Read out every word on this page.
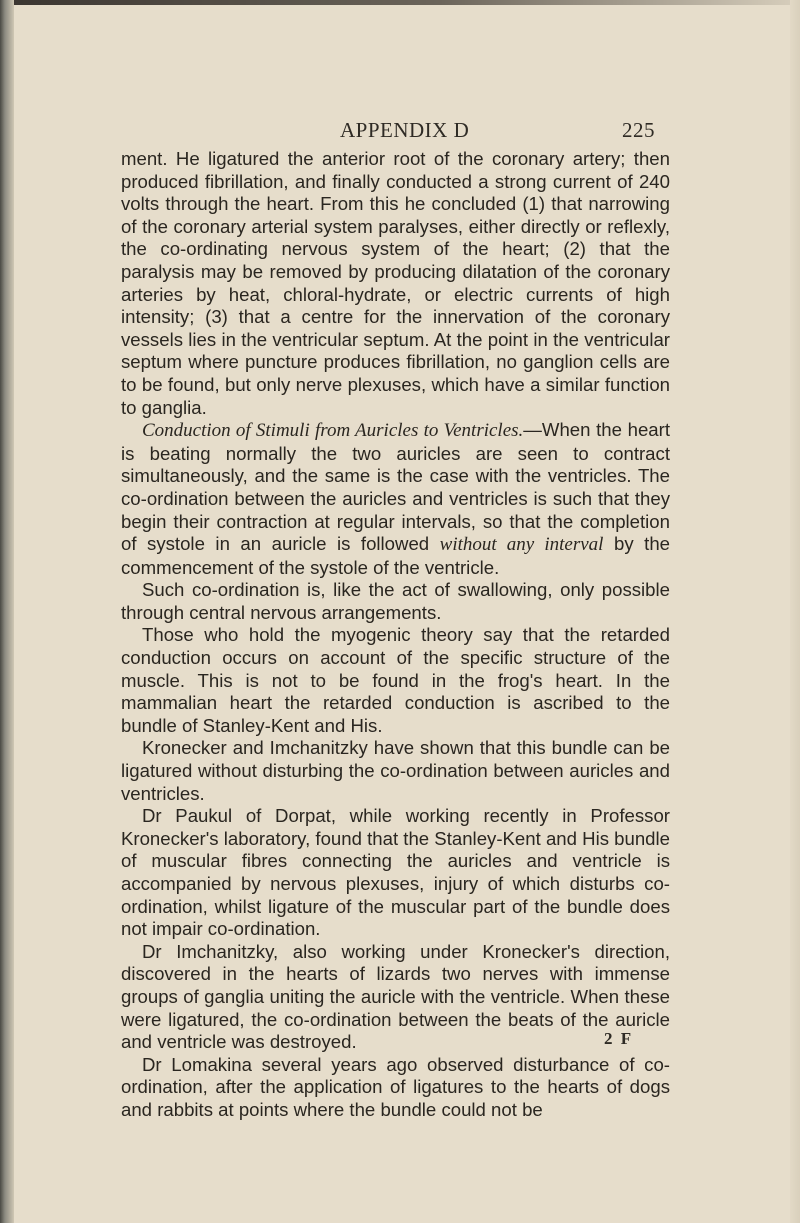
APPENDIX D	225

ment. He ligatured the anterior root of the coronary artery; then produced fibrillation, and finally conducted a strong current of 240 volts through the heart. From this he concluded (1) that narrowing of the coronary arterial system paralyses, either directly or reflexly, the co-ordinating nervous system of the heart; (2) that the paralysis may be removed by producing dilatation of the coronary arteries by heat, chloral-hydrate, or electric currents of high intensity; (3) that a centre for the innervation of the coronary vessels lies in the ventricular septum. At the point in the ventricular septum where puncture produces fibrillation, no ganglion cells are to be found, but only nerve plexuses, which have a similar function to ganglia.

Conduction of Stimuli from Auricles to Ventricles.—When the heart is beating normally the two auricles are seen to contract simultaneously, and the same is the case with the ventricles. The co-ordination between the auricles and ventricles is such that they begin their contraction at regular intervals, so that the completion of systole in an auricle is followed without any interval by the commencement of the systole of the ventricle.

Such co-ordination is, like the act of swallowing, only possible through central nervous arrangements.

Those who hold the myogenic theory say that the retarded conduction occurs on account of the specific structure of the muscle. This is not to be found in the frog's heart. In the mammalian heart the retarded conduction is ascribed to the bundle of Stanley-Kent and His.

Kronecker and Imchanitzky have shown that this bundle can be ligatured without disturbing the co-ordination between auricles and ventricles.

Dr Paukul of Dorpat, while working recently in Professor Kronecker's laboratory, found that the Stanley-Kent and His bundle of muscular fibres connecting the auricles and ventricle is accompanied by nervous plexuses, injury of which disturbs co-ordination, whilst ligature of the muscular part of the bundle does not impair co-ordination.

Dr Imchanitzky, also working under Kronecker's direction, discovered in the hearts of lizards two nerves with immense groups of ganglia uniting the auricle with the ventricle. When these were ligatured, the co-ordination between the beats of the auricle and ventricle was destroyed.

Dr Lomakina several years ago observed disturbance of co-ordination, after the application of ligatures to the hearts of dogs and rabbits at points where the bundle could not be

2 F
